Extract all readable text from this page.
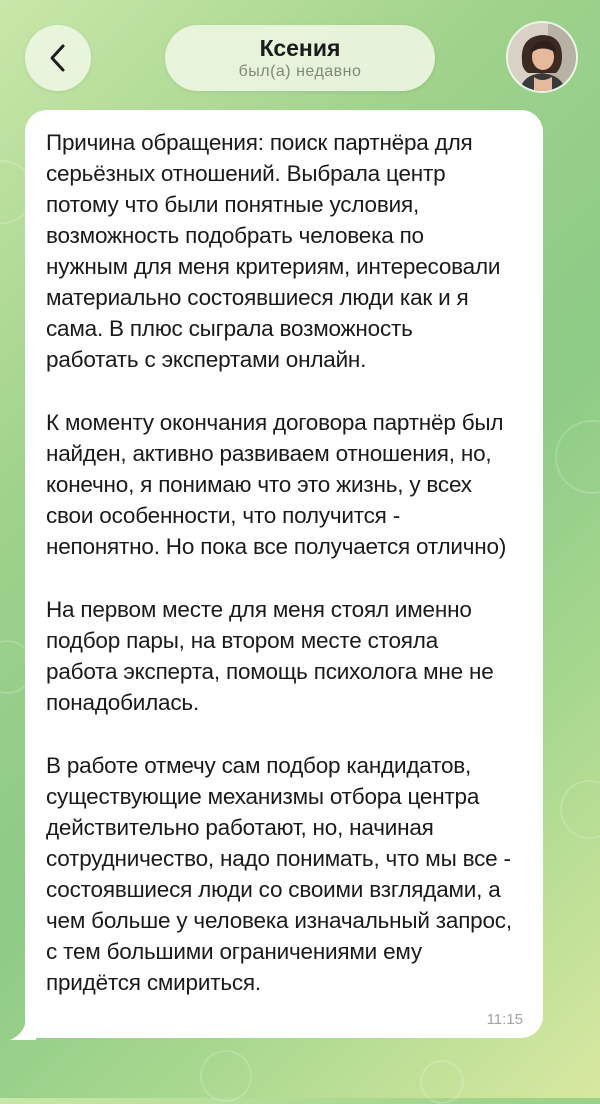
Ксения
был(а) недавно

Причина обращения: поиск партнёра для
серьёзных отношений. Выбрала центр
потому что были понятные условия,
возможность подобрать человека по
нужным для меня критериям, интересовали
материально состоявшиеся люди как и я
сама. В плюс сыграла возможность
работать с экспертами онлайн.

К моменту окончания договора партнёр был
найден, активно развиваем отношения, но,
конечно, я понимаю что это жизнь, у всех
свои особенности, что получится -
непонятно. Но пока все получается отлично)

На первом месте для меня стоял именно
подбор пары, на втором месте стояла
работа эксперта, помощь психолога мне не
понадобилась.

В работе отмечу сам подбор кандидатов,
существующие механизмы отбора центра
действительно работают, но, начиная
сотрудничество, надо понимать, что мы все -
состоявшиеся люди со своими взглядами, а
чем больше у человека изначальный запрос,
с тем большими ограничениями ему
придётся смириться.

11:15
